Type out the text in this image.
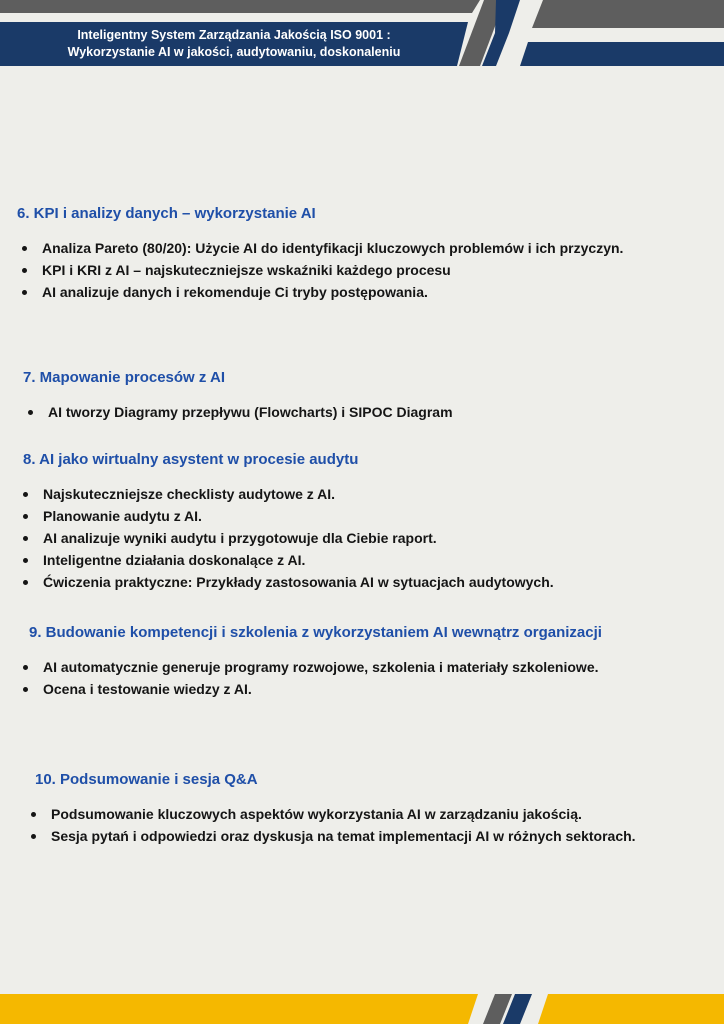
Inteligentny System Zarządzania Jakością ISO 9001 :
Wykorzystanie AI w jakości, audytowaniu, doskonaleniu
6. KPI i analizy danych – wykorzystanie AI
Analiza Pareto (80/20): Użycie AI do identyfikacji kluczowych problemów i ich przyczyn.
KPI i KRI z AI – najskuteczniejsze wskaźniki każdego procesu
AI analizuje danych i rekomenduje Ci tryby postępowania.
7. Mapowanie procesów z AI
AI tworzy Diagramy przepływu (Flowcharts) i SIPOC Diagram
8. AI jako wirtualny asystent w procesie audytu
Najskuteczniejsze checklisty audytowe z AI.
Planowanie audytu z AI.
AI analizuje wyniki audytu i przygotowuje dla Ciebie raport.
Inteligentne działania doskonalące z AI.
Ćwiczenia praktyczne: Przykłady zastosowania AI w sytuacjach audytowych.
9. Budowanie kompetencji i szkolenia z wykorzystaniem AI wewnątrz organizacji
AI automatycznie generuje programy rozwojowe, szkolenia i materiały szkoleniowe.
Ocena i testowanie wiedzy z AI.
10. Podsumowanie i sesja Q&A
Podsumowanie kluczowych aspektów wykorzystania AI w zarządzaniu jakością.
Sesja pytań i odpowiedzi oraz dyskusja na temat implementacji AI w różnych sektorach.
